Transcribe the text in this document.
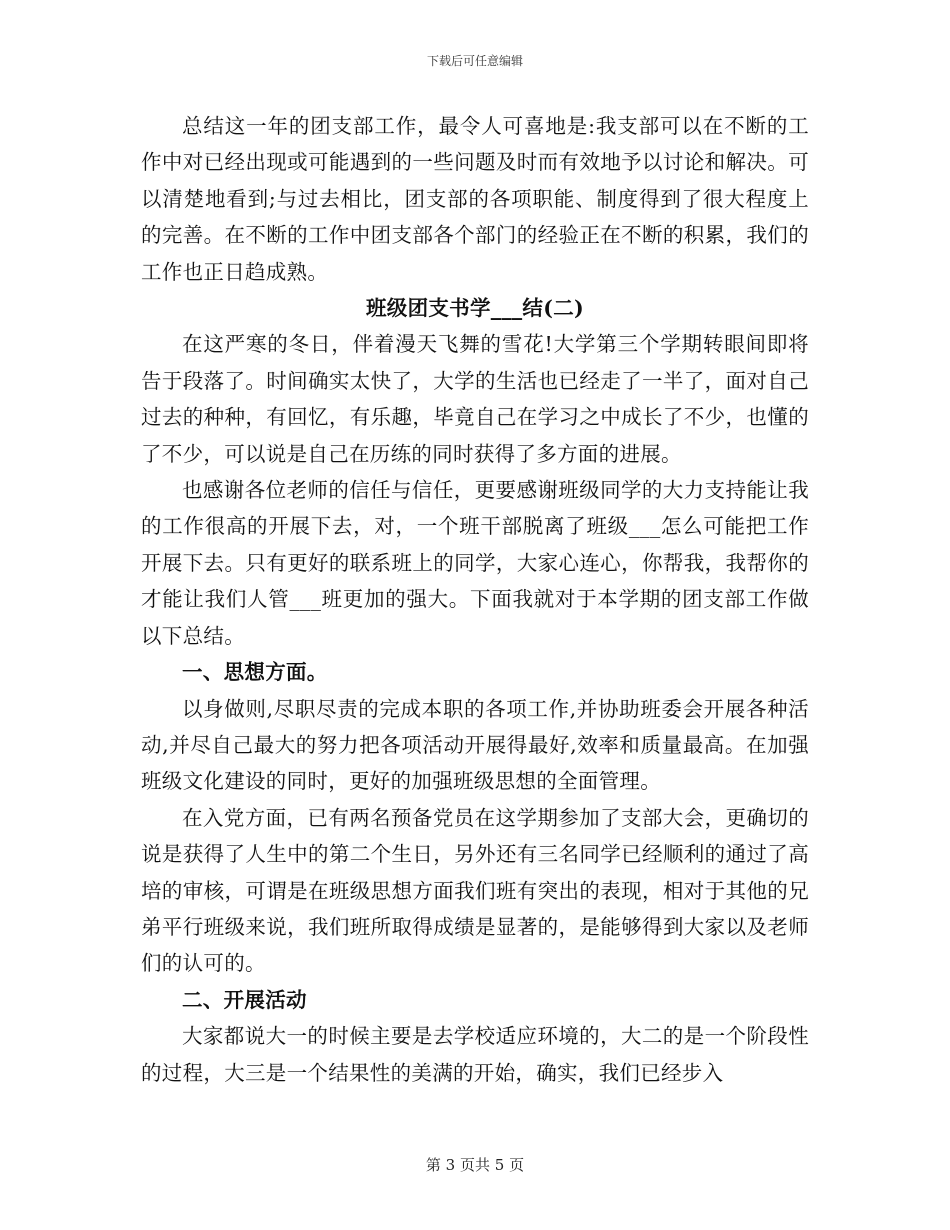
下载后可任意编辑

总结这一年的团支部工作，最令人可喜地是:我支部可以在不断的工作中对已经出现或可能遇到的一些问题及时而有效地予以讨论和解决。可以清楚地看到;与过去相比，团支部的各项职能、制度得到了很大程度上的完善。在不断的工作中团支部各个部门的经验正在不断的积累，我们的工作也正日趋成熟。

班级团支书学___结(二)

在这严寒的冬日，伴着漫天飞舞的雪花!大学第三个学期转眼间即将告于段落了。时间确实太快了，大学的生活也已经走了一半了，面对自己过去的种种，有回忆，有乐趣，毕竟自己在学习之中成长了不少，也懂的了不少，可以说是自己在历练的同时获得了多方面的进展。

也感谢各位老师的信任与信任，更要感谢班级同学的大力支持能让我的工作很高的开展下去，对，一个班干部脱离了班级___怎么可能把工作开展下去。只有更好的联系班上的同学，大家心连心，你帮我，我帮你的才能让我们人管___班更加的强大。下面我就对于本学期的团支部工作做以下总结。

一、思想方面。

以身做则,尽职尽责的完成本职的各项工作,并协助班委会开展各种活动,并尽自己最大的努力把各项活动开展得最好,效率和质量最高。在加强班级文化建设的同时，更好的加强班级思想的全面管理。

在入党方面，已有两名预备党员在这学期参加了支部大会，更确切的说是获得了人生中的第二个生日，另外还有三名同学已经顺利的通过了高培的审核，可谓是在班级思想方面我们班有突出的表现，相对于其他的兄弟平行班级来说，我们班所取得成绩是显著的，是能够得到大家以及老师们的认可的。

二、开展活动

大家都说大一的时候主要是去学校适应环境的，大二的是一个阶段性的过程，大三是一个结果性的美满的开始，确实，我们已经步入

第 3 页共 5 页
